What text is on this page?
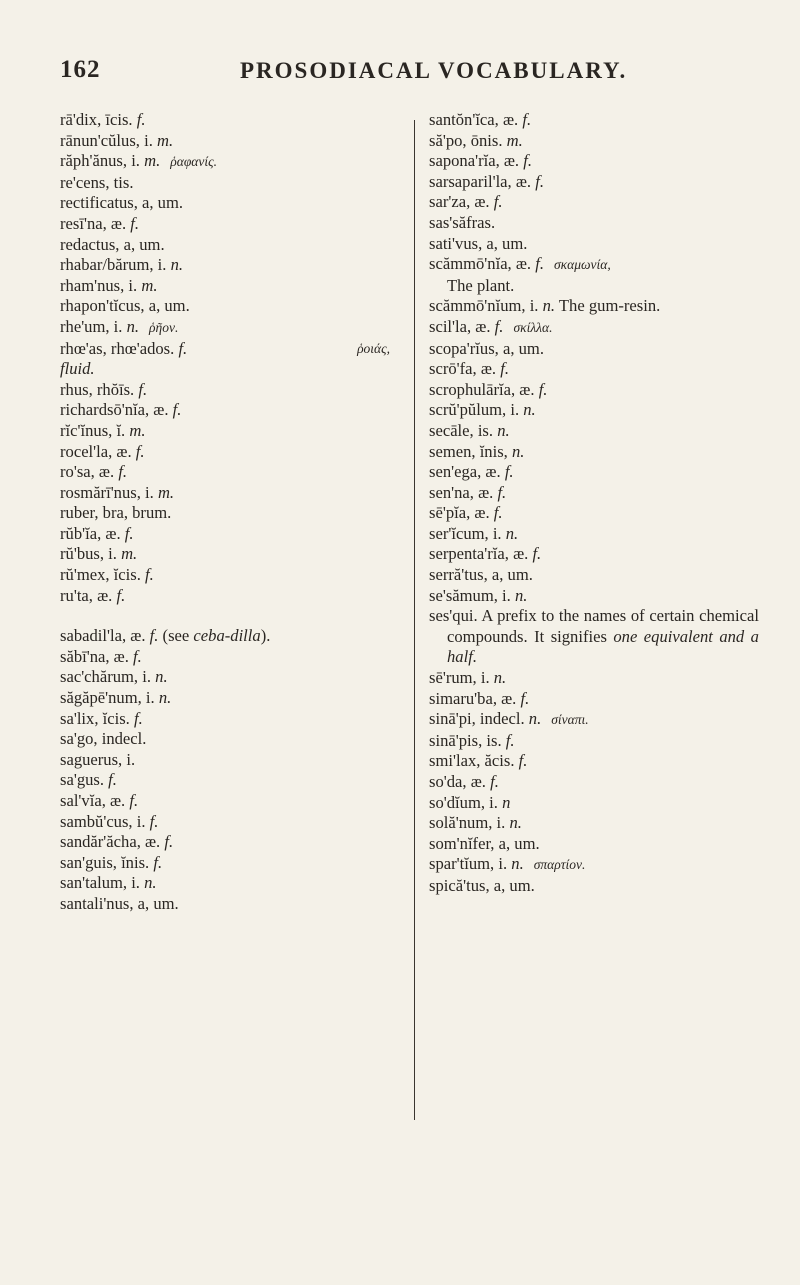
162	PROSODIACAL VOCABULARY.
rā'dix, īcis. f.
rānun'cŭlus, i. m.
răph'ănus, i. m. ῥαφανίς.
re'cens, tis.
rectificatus, a, um.
resī'na, æ. f.
redactus, a, um.
rhabar/bărum, i. n.
rham'nus, i. m.
rhapon'tĭcus, a, um.
rhe'um, i. n. ῥῆον.
ῥοιάς,
rhœ'as, rhœ'ados. f.
fluid.
rhus, rhŏīs. f.
richardsō'nĭa, æ. f.
rĭc'ĭnus, ĭ. m.
rocel'la, æ. f.
ro'sa, æ. f.
rosmărī'nus, i. m.
ruber, bra, brum.
rŭb'ĭa, æ. f.
rŭ'bus, i. m.
rŭ'mex, ĭcis. f.
ru'ta, æ. f.
sabadil'la, æ. f. (see ceba-dilla).
săbī'na, æ. f.
sac'chărum, i. n.
săgăpē'num, i. n.
sa'lix, ĭcis. f.
sa'go, indecl.
saguerus, i.
sa'gus. f.
sal'vĭa, æ. f.
sambŭ'cus, i. f.
sandăr'ăcha, æ. f.
san'guis, ĭnis. f.
san'talum, i. n.
santali'nus, a, um.
santŏn'ĭca, æ. f.
să'po, ōnis. m.
sapona'rĭa, æ. f.
sarsaparil'la, æ. f.
sar'za, æ. f.
sas'săfras.
sati'vus, a, um.
scămmō'nĭa, æ. f. σκαμωνία,
The plant.
scămmō'nĭum, i. n. The gum-resin.
scil'la, æ. f. σκίλλα.
scopa'rĭus, a, um.
scrō'fa, æ. f.
scrophulārĭa, æ. f.
scrŭ'pŭlum, i. n.
secāle, is. n.
semen, ĭnis, n.
sen'ega, æ. f.
sen'na, æ. f.
sē'pĭa, æ. f.
ser'ĭcum, i. n.
serpenta'rĭa, æ. f.
serră'tus, a, um.
se'sămum, i. n.
ses'qui. A prefix to the names of certain chemical compounds. It signifies one equivalent and a half.
sē'rum, i. n.
simaru'ba, æ. f.
sinā'pi, indecl. n. σίναπι.
sinā'pis, is. f.
smi'lax, ăcis. f.
so'da, æ. f.
so'dĭum, i. n
solă'num, i. n.
som'nĭfer, a, um.
spar'tĭum, i. n. σπαρτίον.
spică'tus, a, um.
